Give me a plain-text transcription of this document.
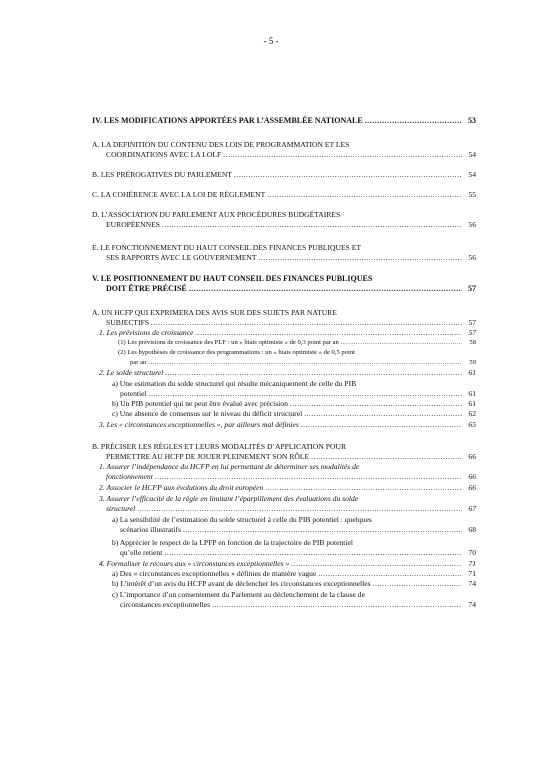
- 5 -
IV. LES MODIFICATIONS APPORTÉES PAR L’ASSEMBLÉE NATIONALE .....	53
A. LA DEFINITION DU CONTENU DES LOIS DE PROGRAMMATION ET LES
COORDINATIONS AVEC LA LOLF .....	54
B. LES PRÉROGATIVES DU PARLEMENT .....	54
C. LA COHÉRENCE AVEC LA LOI DE RÈGLEMENT .....	55
D. L’ASSOCIATION DU PARLEMENT AUX PROCÉDURES BUDGÉTAIRES
EUROPÉENNES .....	56
E. LE FONCTIONNEMENT DU HAUT CONSEIL DES FINANCES PUBLIQUES ET
SES RAPPORTS AVEC LE GOUVERNEMENT .....	56
V. LE POSITIONNEMENT DU HAUT CONSEIL DES FINANCES PUBLIQUES
DOIT ÊTRE PRÉCISÉ .....	57
A. UN HCFP QUI EXPRIMERA DES AVIS SUR DES SUJETS PAR NATURE
SUBJECTIFS .....	57
1. Les prévisions de croissance .....	57
(1) Les prévisions de croissance des PLF : un « biais optimiste » de 0,3 point par an .....	58
(2) Les hypothèses de croissance des programmations : un « biais optimiste » de 0,5 point
par an .....	59
2. Le solde structurel .....	61
a) Une estimation du solde structurel qui résulte mécaniquement de celle du PIB
potentiel .....	61
b) Un PIB potentiel qui ne peut être évalué avec précision .....	61
c) Une absence de consensus sur le niveau du déficit structurel .....	62
3. Les « circonstances exceptionnelles », par ailleurs mal définies .....	65
B. PRÉCISER LES RÈGLES ET LEURS MODALITÉS D’APPLICATION POUR
PERMETTRE AU HCFP DE JOUER PLEINEMENT SON RÔLE .....	66
1. Assurer l’indépendance du HCFP en lui permettant de déterminer ses modalités de
fonctionnement .....	66
2. Associer le HCFP aux évolutions du droit européen .....	66
3. Assurer l’efficacité de la règle en limitant l’éparpillement des évaluations du solde
structurel .....	67
a) La sensibilité de l’estimation du solde structurel à celle du PIB potentiel : quelques
scénarios illustratifs .....	68
b) Apprécier le respect de la LPFP en fonction de la trajectoire de PIB potentiel
qu’elle retient .....	70
4. Formaliser le recours aux « circonstances exceptionnelles » .....	71
a) Des « circonstances exceptionnelles » définies de manière vague .....	71
b) L’intérêt d’un avis du HCFP avant de déclencher les circonstances exceptionnelles .....	74
c) L’importance d’un consentement du Parlement au déclenchement de la clause de
circonstances exceptionnelles .....	74
